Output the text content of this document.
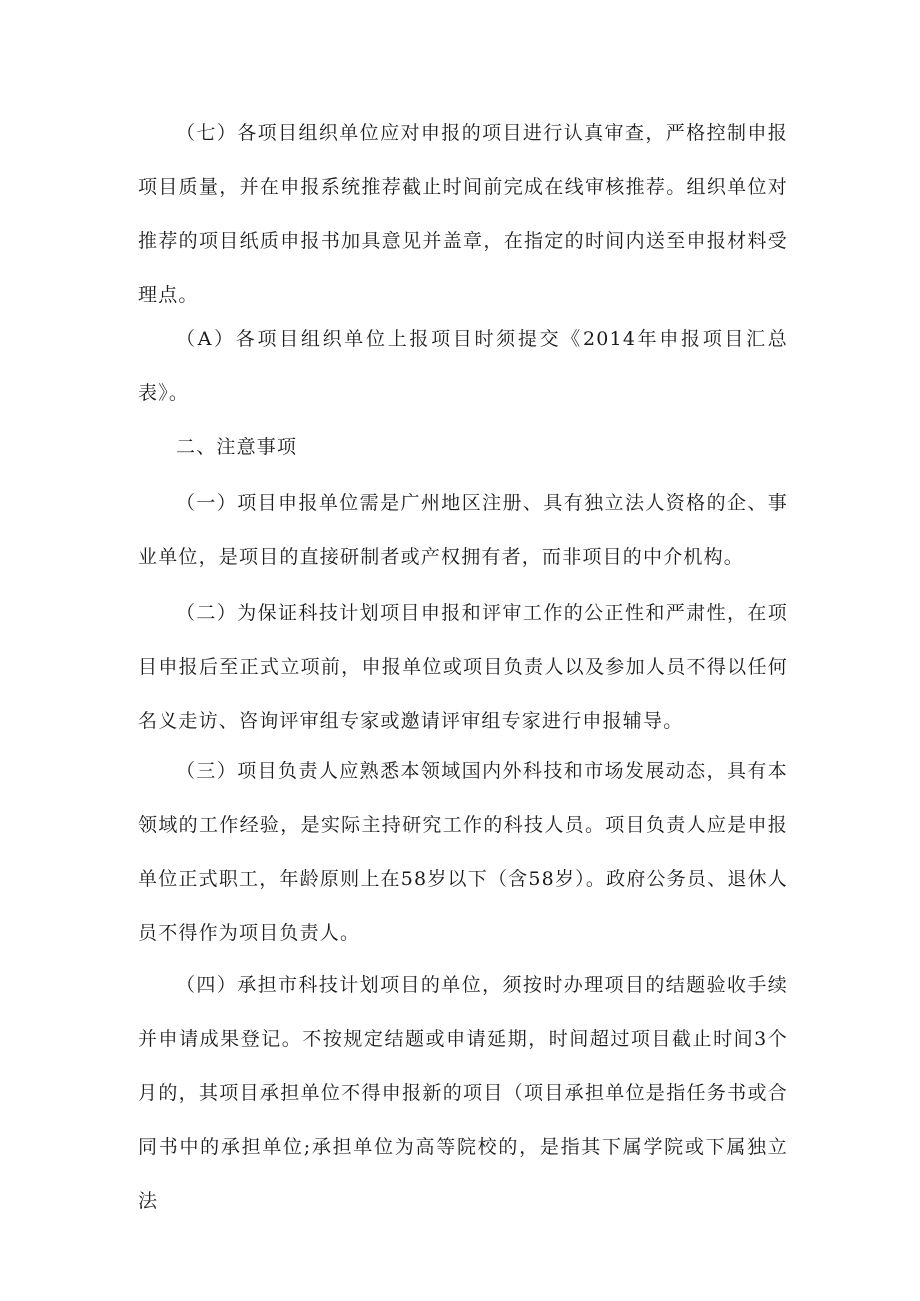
（七）各项目组织单位应对申报的项目进行认真审查，严格控制申报项目质量，并在申报系统推荐截止时间前完成在线审核推荐。组织单位对推荐的项目纸质申报书加具意见并盖章，在指定的时间内送至申报材料受理点。

（A）各项目组织单位上报项目时须提交《2014年申报项目汇总表》。

二、注意事项

（一）项目申报单位需是广州地区注册、具有独立法人资格的企、事业单位，是项目的直接研制者或产权拥有者，而非项目的中介机构。

（二）为保证科技计划项目申报和评审工作的公正性和严肃性，在项目申报后至正式立项前，申报单位或项目负责人以及参加人员不得以任何名义走访、咨询评审组专家或邀请评审组专家进行申报辅导。

（三）项目负责人应熟悉本领域国内外科技和市场发展动态，具有本领域的工作经验，是实际主持研究工作的科技人员。项目负责人应是申报单位正式职工，年龄原则上在58岁以下（含58岁）。政府公务员、退休人员不得作为项目负责人。

（四）承担市科技计划项目的单位，须按时办理项目的结题验收手续并申请成果登记。不按规定结题或申请延期，时间超过项目截止时间3个月的，其项目承担单位不得申报新的项目（项目承担单位是指任务书或合同书中的承担单位;承担单位为高等院校的，是指其下属学院或下属独立法
